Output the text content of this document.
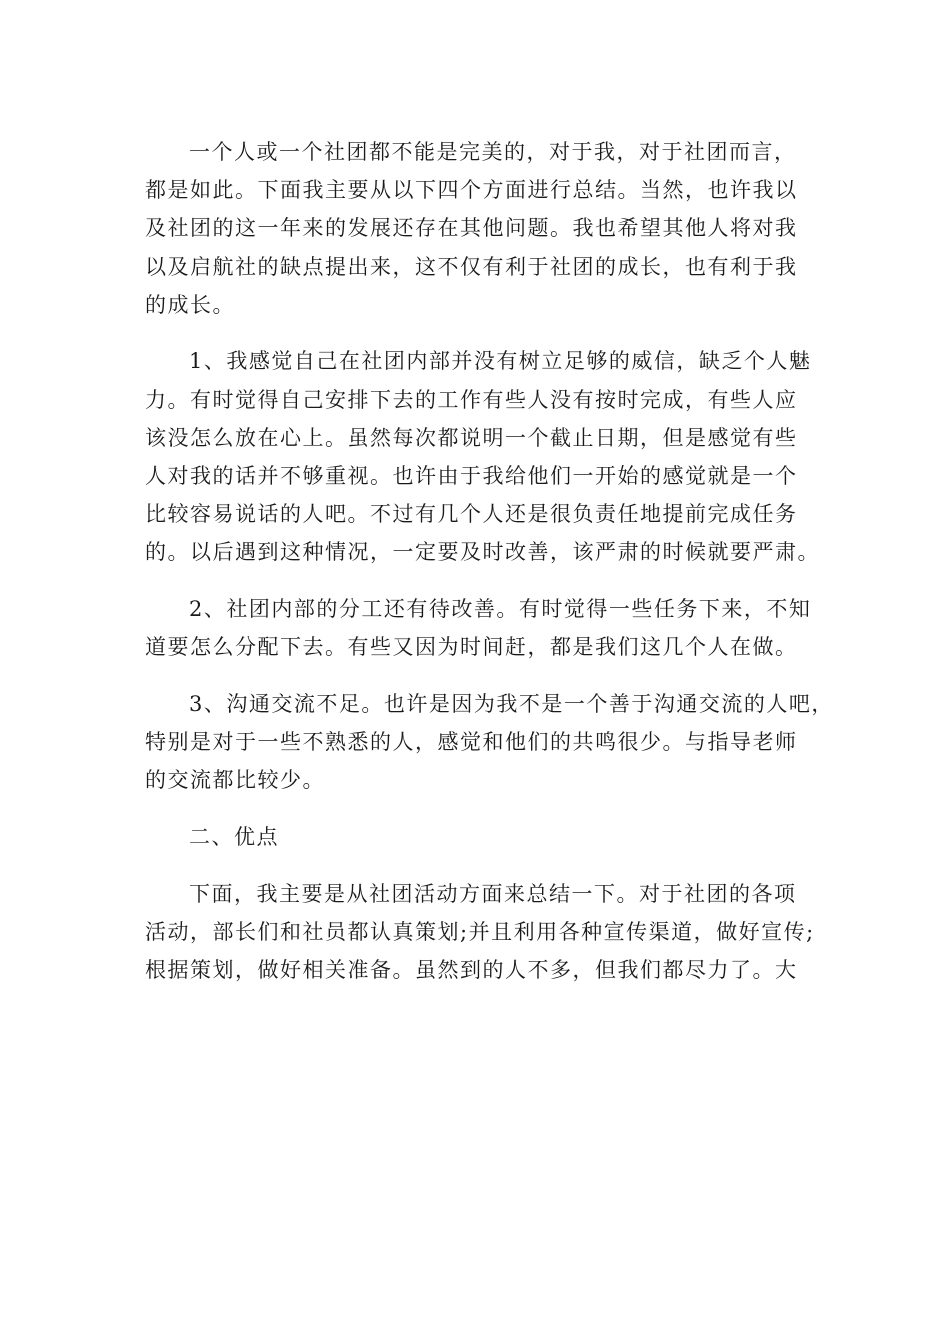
一个人或一个社团都不能是完美的，对于我，对于社团而言，
都是如此。下面我主要从以下四个方面进行总结。当然，也许我以
及社团的这一年来的发展还存在其他问题。我也希望其他人将对我
以及启航社的缺点提出来，这不仅有利于社团的成长，也有利于我
的成长。
1、我感觉自己在社团内部并没有树立足够的威信，缺乏个人魅
力。有时觉得自己安排下去的工作有些人没有按时完成，有些人应
该没怎么放在心上。虽然每次都说明一个截止日期，但是感觉有些
人对我的话并不够重视。也许由于我给他们一开始的感觉就是一个
比较容易说话的人吧。不过有几个人还是很负责任地提前完成任务
的。以后遇到这种情况，一定要及时改善，该严肃的时候就要严肃。
2、社团内部的分工还有待改善。有时觉得一些任务下来，不知
道要怎么分配下去。有些又因为时间赶，都是我们这几个人在做。
3、沟通交流不足。也许是因为我不是一个善于沟通交流的人吧，
特别是对于一些不熟悉的人，感觉和他们的共鸣很少。与指导老师
的交流都比较少。
二、优点
下面，我主要是从社团活动方面来总结一下。对于社团的各项
活动，部长们和社员都认真策划;并且利用各种宣传渠道，做好宣传;
根据策划，做好相关准备。虽然到的人不多，但我们都尽力了。大
